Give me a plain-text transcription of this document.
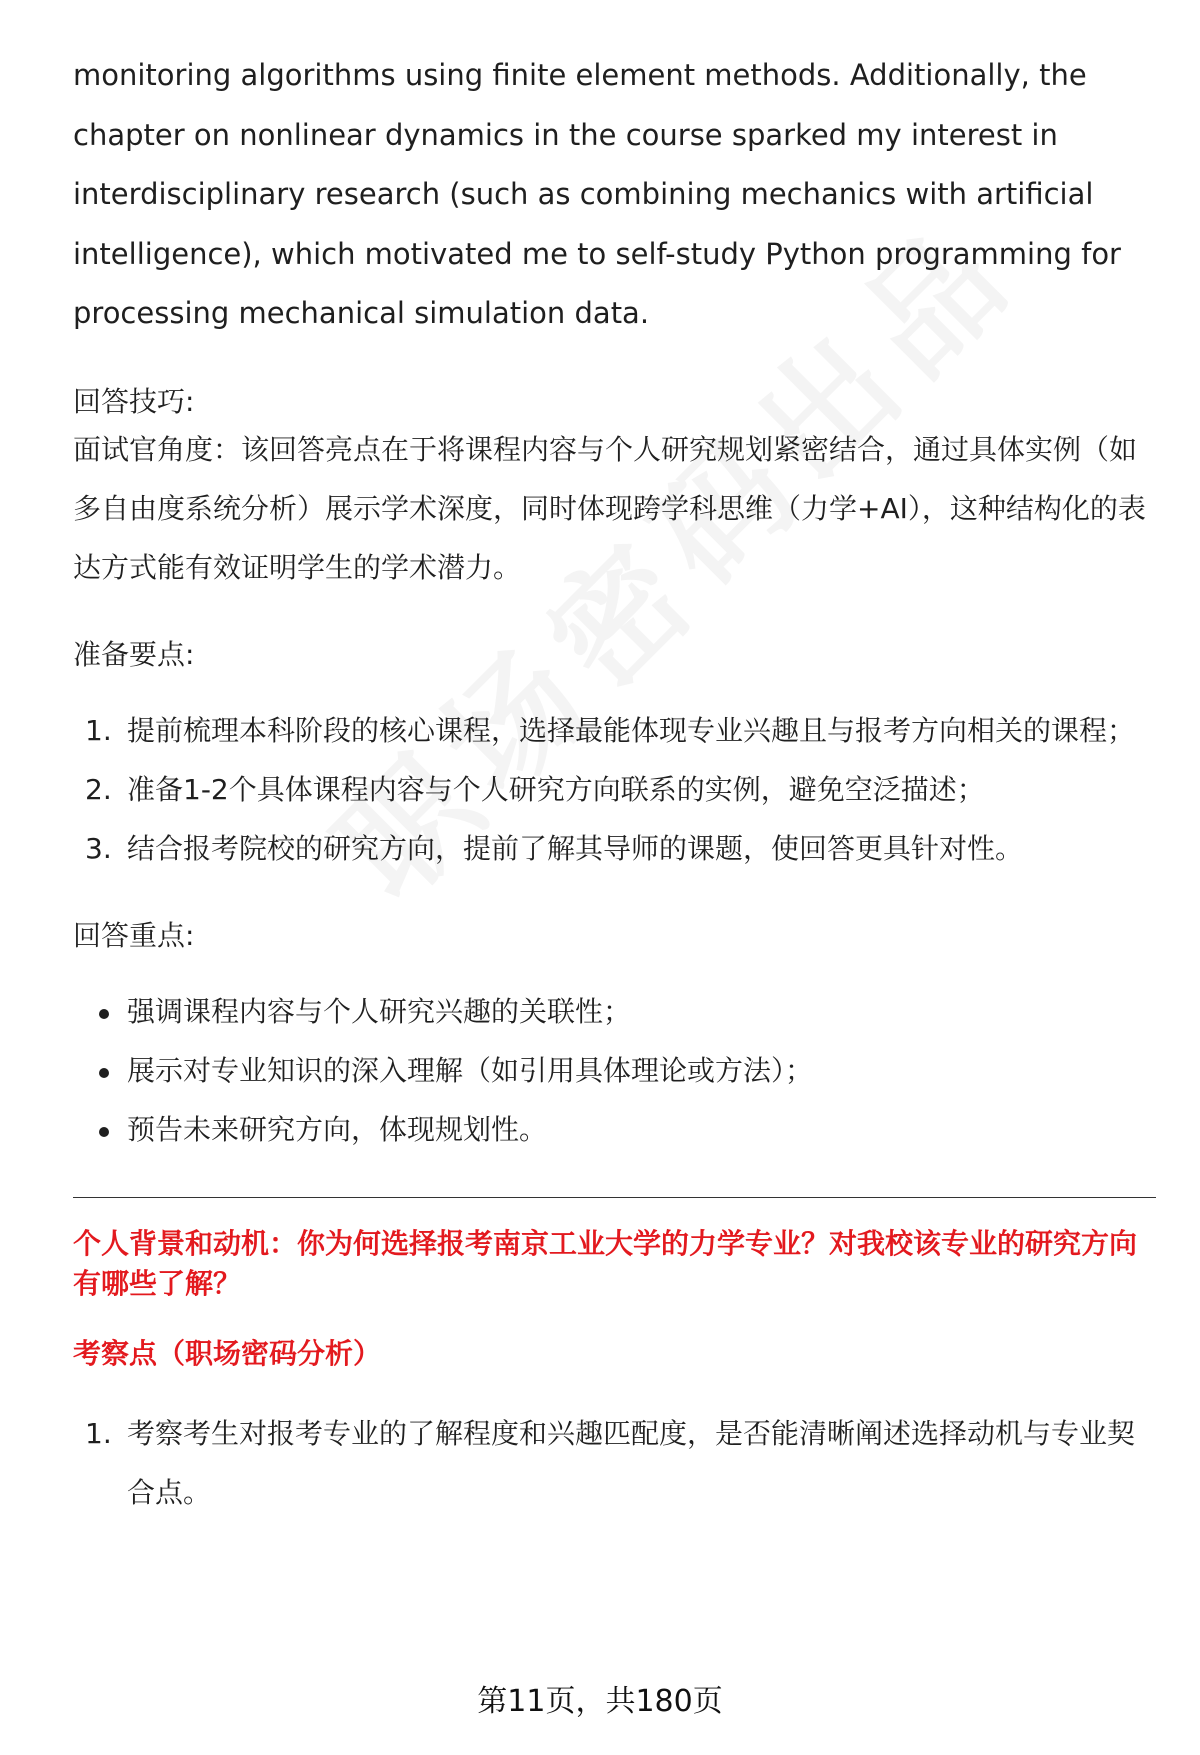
monitoring algorithms using finite element methods. Additionally, the chapter on nonlinear dynamics in the course sparked my interest in interdisciplinary research (such as combining mechanics with artificial intelligence), which motivated me to self-study Python programming for processing mechanical simulation data.

回答技巧:

面试官角度：该回答亮点在于将课程内容与个人研究规划紧密结合，通过具体实例（如多自由度系统分析）展示学术深度，同时体现跨学科思维（力学+AI），这种结构化的表达方式能有效证明学生的学术潜力。

准备要点:

1. 提前梳理本科阶段的核心课程，选择最能体现专业兴趣且与报考方向相关的课程；
2. 准备1-2个具体课程内容与个人研究方向联系的实例，避免空泛描述；
3. 结合报考院校的研究方向，提前了解其导师的课题，使回答更具针对性。

回答重点:

强调课程内容与个人研究兴趣的关联性；
展示对专业知识的深入理解（如引用具体理论或方法）；
预告未来研究方向，体现规划性。

个人背景和动机：你为何选择报考南京工业大学的力学专业？对我校该专业的研究方向有哪些了解？

考察点（职场密码分析）

1. 考察考生对报考专业的了解程度和兴趣匹配度，是否能清晰阐述选择动机与专业契合点。
第11页，共180页
